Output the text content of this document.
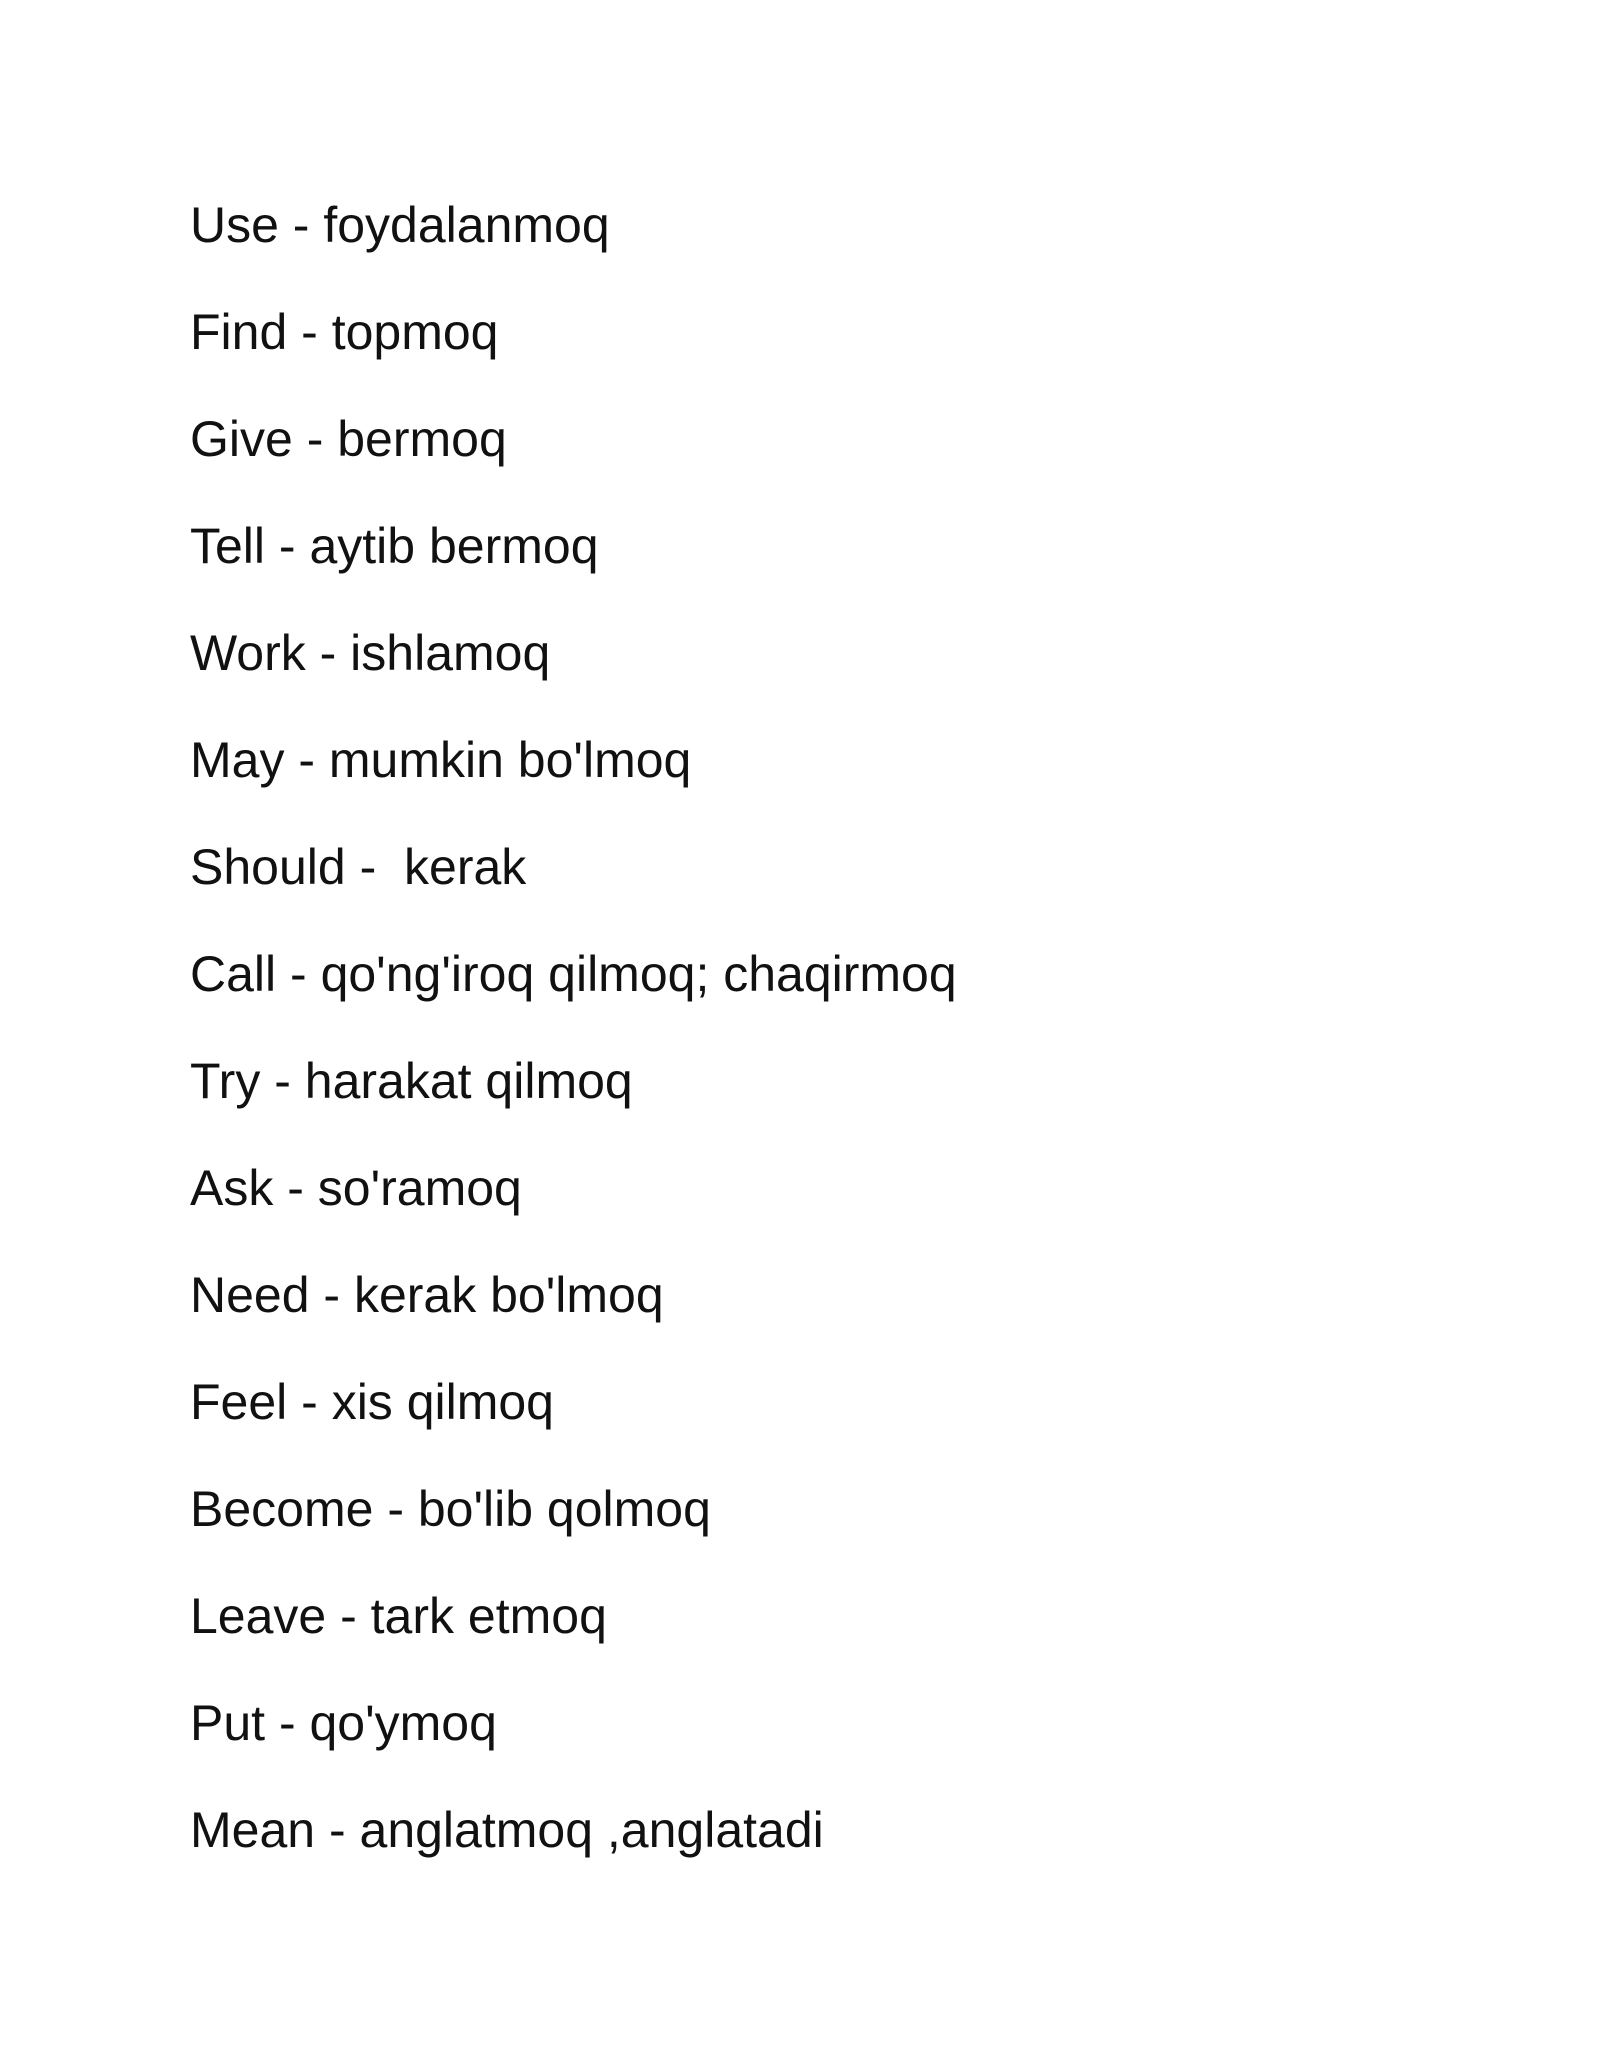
Use - foydalanmoq
Find - topmoq
Give - bermoq
Tell - aytib bermoq
Work - ishlamoq
May - mumkin bo'lmoq
Should -  kerak
Call - qo'ng'iroq qilmoq; chaqirmoq
Try - harakat qilmoq
Ask - so'ramoq
Need - kerak bo'lmoq
Feel - xis qilmoq
Become - bo'lib qolmoq
Leave - tark etmoq
Put - qo'ymoq
Mean - anglatmoq ,anglatadi
